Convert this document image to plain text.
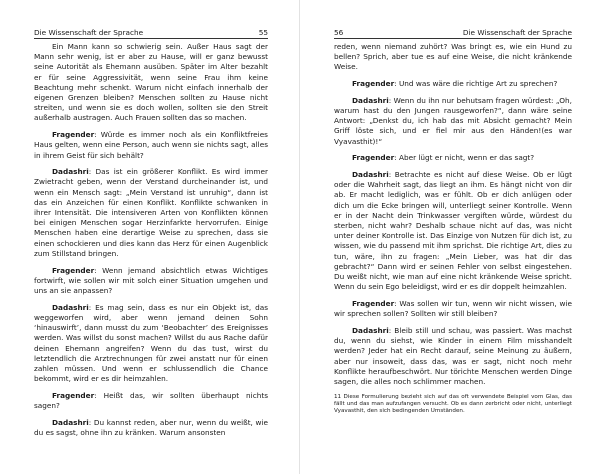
Die Wissenschaft der Sprache	55

Ein Mann kann so schwierig sein. Außer Haus sagt der Mann sehr wenig, ist er aber zu Hause, will er ganz bewusst seine Autorität als Ehemann ausüben. Später im Alter bezahlt er für seine Aggressivität, wenn seine Frau ihm keine Beachtung mehr schenkt. Warum nicht einfach innerhalb der eigenen Grenzen bleiben? Menschen sollten zu Hause nicht streiten, und wenn sie es doch wollen, sollten sie den Streit außerhalb austragen. Auch Frauen sollten das so machen.

Fragender: Würde es immer noch als ein Konfliktfreies Haus gelten, wenn eine Person, auch wenn sie nichts sagt, alles in ihrem Geist für sich behält?

Dadashri: Das ist ein größerer Konflikt. Es wird immer Zwietracht geben, wenn der Verstand durcheinander ist, und wenn ein Mensch sagt: „Mein Verstand ist unruhig“, dann ist das ein Anzeichen für einen Konflikt. Konflikte schwanken in ihrer Intensität. Die intensiveren Arten von Konflikten können bei einigen Menschen sogar Herzinfarkte hervorrufen. Einige Menschen haben eine derartige Weise zu sprechen, dass sie einen schockieren und dies kann das Herz für einen Augenblick zum Stillstand bringen.

Fragender: Wenn jemand absichtlich etwas Wichtiges fortwirft, wie sollen wir mit solch einer Situation umgehen und uns an sie anpassen?

Dadashri: Es mag sein, dass es nur ein Objekt ist, das weggeworfen wird, aber wenn jemand deinen Sohn ‘hinauswirft’, dann musst du zum ‘Beobachter’ des Ereignisses werden. Was willst du sonst machen? Willst du aus Rache dafür deinen Ehemann angreifen? Wenn du das tust, wirst du letztendlich die Arztrechnungen für zwei anstatt nur für einen zahlen müssen. Und wenn er schlussendlich die Chance bekommt, wird er es dir heimzahlen.

Fragender: Heißt das, wir sollten überhaupt nichts sagen?

Dadashri: Du kannst reden, aber nur, wenn du weißt, wie du es sagst, ohne ihn zu kränken. Warum ansonsten

56	Die Wissenschaft der Sprache

reden, wenn niemand zuhört? Was bringt es, wie ein Hund zu bellen? Sprich, aber tue es auf eine Weise, die nicht kränkende Weise.

Fragender: Und was wäre die richtige Art zu sprechen?

Dadashri: Wenn du ihn nur behutsam fragen würdest: „Oh, warum hast du den Jungen rausgeworfen?“, dann wäre seine Antwort: „Denkst du, ich hab das mit Absicht gemacht? Mein Griff löste sich, und er fiel mir aus den Händen!(es war Vyavasthit)!“

Fragender: Aber lügt er nicht, wenn er das sagt?

Dadashri: Betrachte es nicht auf diese Weise. Ob er lügt oder die Wahrheit sagt, das liegt an ihm. Es hängt nicht von dir ab. Er macht lediglich, was er fühlt. Ob er dich anlügen oder dich um die Ecke bringen will, unterliegt seiner Kontrolle. Wenn er in der Nacht dein Trinkwasser vergiften würde, würdest du sterben, nicht wahr? Deshalb schaue nicht auf das, was nicht unter deiner Kontrolle ist. Das Einzige von Nutzen für dich ist, zu wissen, wie du passend mit ihm sprichst. Die richtige Art, dies zu tun, wäre, ihn zu fragen: „Mein Lieber, was hat dir das gebracht?“ Dann wird er seinen Fehler von selbst eingestehen. Du weißt nicht, wie man auf eine nicht kränkende Weise spricht. Wenn du sein Ego beleidigst, wird er es dir doppelt heimzahlen.

Fragender: Was sollen wir tun, wenn wir nicht wissen, wie wir sprechen sollen? Sollten wir still bleiben?

Dadashri: Bleib still und schau, was passiert. Was machst du, wenn du siehst, wie Kinder in einem Film misshandelt werden? Jeder hat ein Recht darauf, seine Meinung zu äußern, aber nur insoweit, dass das, was er sagt, nicht noch mehr Konflikte heraufbeschwört. Nur törichte Menschen werden Dinge sagen, die alles noch schlimmer machen.

11 Diese Formulierung bezieht sich auf das oft verwendete Beispiel vom Glas, das fällt und das man aufzufangen versucht. Ob es dann zerbricht oder nicht, unterliegt Vyavasthit, den sich bedingenden Umständen.
